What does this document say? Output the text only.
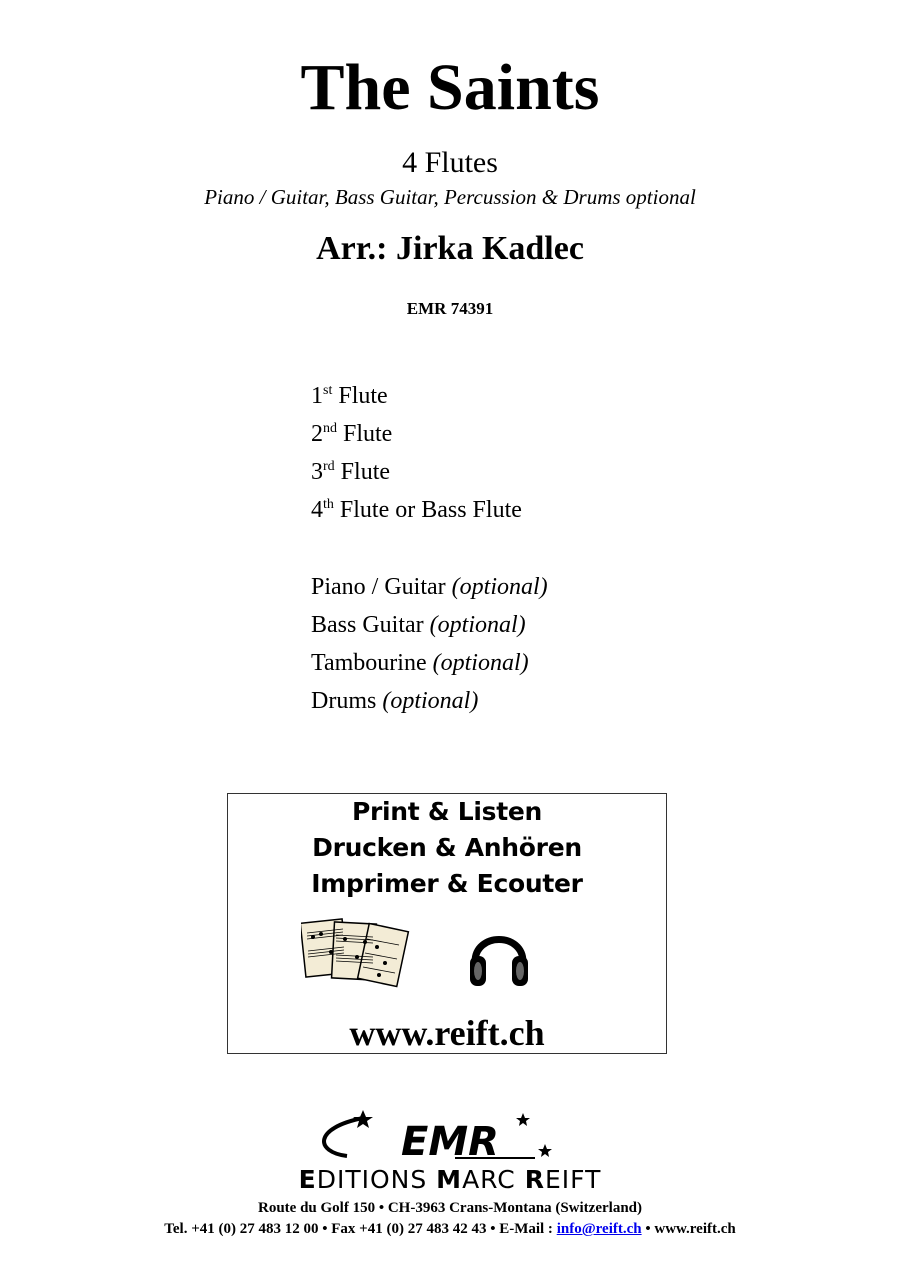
The Saints
4 Flutes
Piano / Guitar, Bass Guitar, Percussion & Drums optional
Arr.: Jirka Kadlec
EMR 74391
1st Flute
2nd Flute
3rd Flute
4th Flute or Bass Flute
Piano / Guitar (optional)
Bass Guitar (optional)
Tambourine (optional)
Drums (optional)
Print & Listen
Drucken & Anhören
Imprimer & Ecouter
www.reift.ch
EMR
EDITIONS MARC REIFT
Route du Golf 150 • CH-3963 Crans-Montana (Switzerland)
Tel. +41 (0) 27 483 12 00 • Fax +41 (0) 27 483 42 43 • E-Mail : info@reift.ch • www.reift.ch
